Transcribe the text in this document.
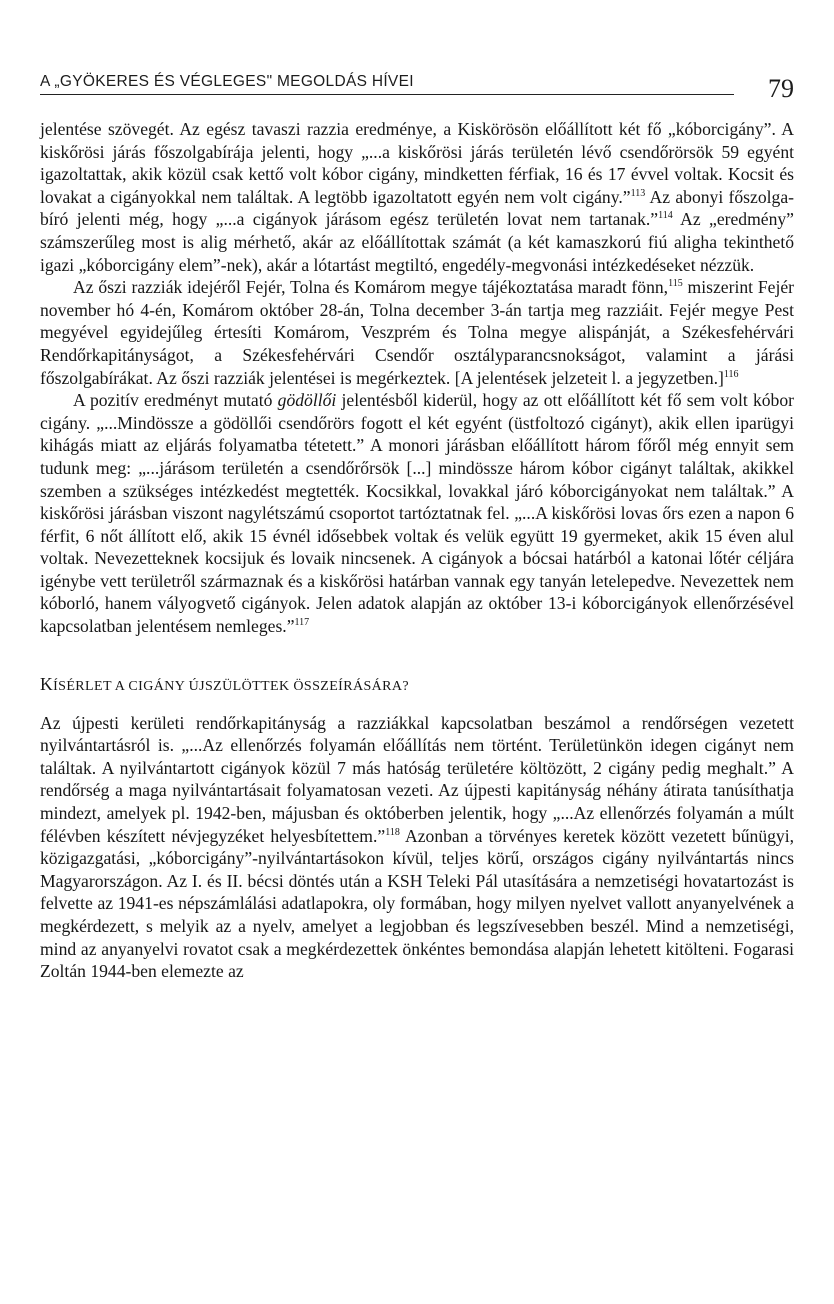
A „GYÖKERES ÉS VÉGLEGES" MEGOLDÁS HÍVEI	79

jelentése szövegét. Az egész tavaszi razzia eredménye, a Kiskörösön előállított két fő „kóborcigány”. A kiskőrösi járás főszolgabírája jelenti, hogy „...a kiskőrösi járás területén lévő csendőrörsök 59 egyént igazoltattak, akik közül csak kettő volt kóbor cigány, mindketten férfiak, 16 és 17 évvel voltak. Kocsit és lovakat a cigányokkal nem találtak. A legtöbb igazoltatott egyén nem volt cigány.”$^{113}$ Az abonyi főszolgabíró jelenti még, hogy „...a cigányok járásom egész területén lovat nem tartanak.”$^{114}$ Az „eredmény” számszerűleg most is alig mérhető, akár az előállítottak számát (a két kamaszkorú fiú aligha tekinthető igazi „kóborcigány elem”-nek), akár a lótartást megtiltó, engedély-megvonási intézkedéseket nézzük.

Az őszi razziák idejéről Fejér, Tolna és Komárom megye tájékoztatása maradt fönn,$^{115}$ miszerint Fejér november hó 4-én, Komárom október 28-án, Tolna december 3-án tartja meg razziáit. Fejér megye Pest megyével egyidejűleg értesíti Komárom, Veszprém és Tolna megye alispánját, a Székesfehérvári Rendőrkapitányságot, a Székesfehérvári Csendőr osztályparancsnokságot, valamint a járási főszolgabírákat. Az őszi razziák jelentései is megérkeztek. [A jelentések jelzeteit l. a jegyzetben.]$^{116}$

A pozitív eredményt mutató gödöllői jelentésből kiderül, hogy az ott előállított két fő sem volt kóbor cigány. „...Mindössze a gödöllői csendőrörs fogott el két egyént (üstfoltozó cigányt), akik ellen iparügyi kihágás miatt az eljárás folyamatba tétetett.” A monori járásban előállított három főről még ennyit sem tudunk meg: „...járásom területén a csendőrőrsök [...] mindössze három kóbor cigányt találtak, akikkel szemben a szükséges intézkedést megtették. Kocsikkal, lovakkal járó kóborcigányokat nem találtak.” A kiskőrösi járásban viszont nagylétszámú csoportot tartóztatnak fel. „...A kiskőrösi lovas őrs ezen a napon 6 férfit, 6 nőt állított elő, akik 15 évnél idősebbek voltak és velük együtt 19 gyermeket, akik 15 éven alul voltak. Nevezetteknek kocsijuk és lovaik nincsenek. A cigányok a bócsai határból a katonai lőtér céljára igénybe vett területről származnak és a kiskőrösi határban vannak egy tanyán letelepedve. Nevezettek nem kóborló, hanem vályogvető cigányok. Jelen adatok alapján az október 13-i kóborcigányok ellenőrzésével kapcsolatban jelentésem nemleges.”$^{117}$

KÍSÉRLET A CIGÁNY ÚJSZÜLÖTTEK ÖSSZEÍRÁSÁRA?

Az újpesti kerületi rendőrkapitányság a razziákkal kapcsolatban beszámol a rendőrségen vezetett nyilvántartásról is. „...Az ellenőrzés folyamán előállítás nem történt. Területünkön idegen cigányt nem találtak. A nyilvántartott cigányok közül 7 más hatóság területére költözött, 2 cigány pedig meghalt.” A rendőrség a maga nyilvántartásait folyamatosan vezeti. Az újpesti kapitányság néhány átirata tanúsíthatja mindezt, amelyek pl. 1942-ben, májusban és októberben jelentik, hogy „...Az ellenőrzés folyamán a múlt félévben készített névjegyzéket helyesbítettem.”$^{118}$ Azonban a törvényes keretek között vezetett bűnügyi, közigazgatási, „kóborcigány”-nyilvántartásokon kívül, teljes körű, országos cigány nyilvántartás nincs Magyarországon. Az I. és II. bécsi döntés után a KSH Teleki Pál utasítására a nemzetiségi hovatartozást is felvette az 1941-es népszámlálási adatlapokra, oly formában, hogy milyen nyelvet vallott anyanyelvének a megkérdezett, s melyik az a nyelv, amelyet a legjobban és legszívesebben beszél. Mind a nemzetiségi, mind az anyanyelvi rovatot csak a megkérdezettek önkéntes bemondása alapján lehetett kitölteni. Fogarasi Zoltán 1944-ben elemezte az
